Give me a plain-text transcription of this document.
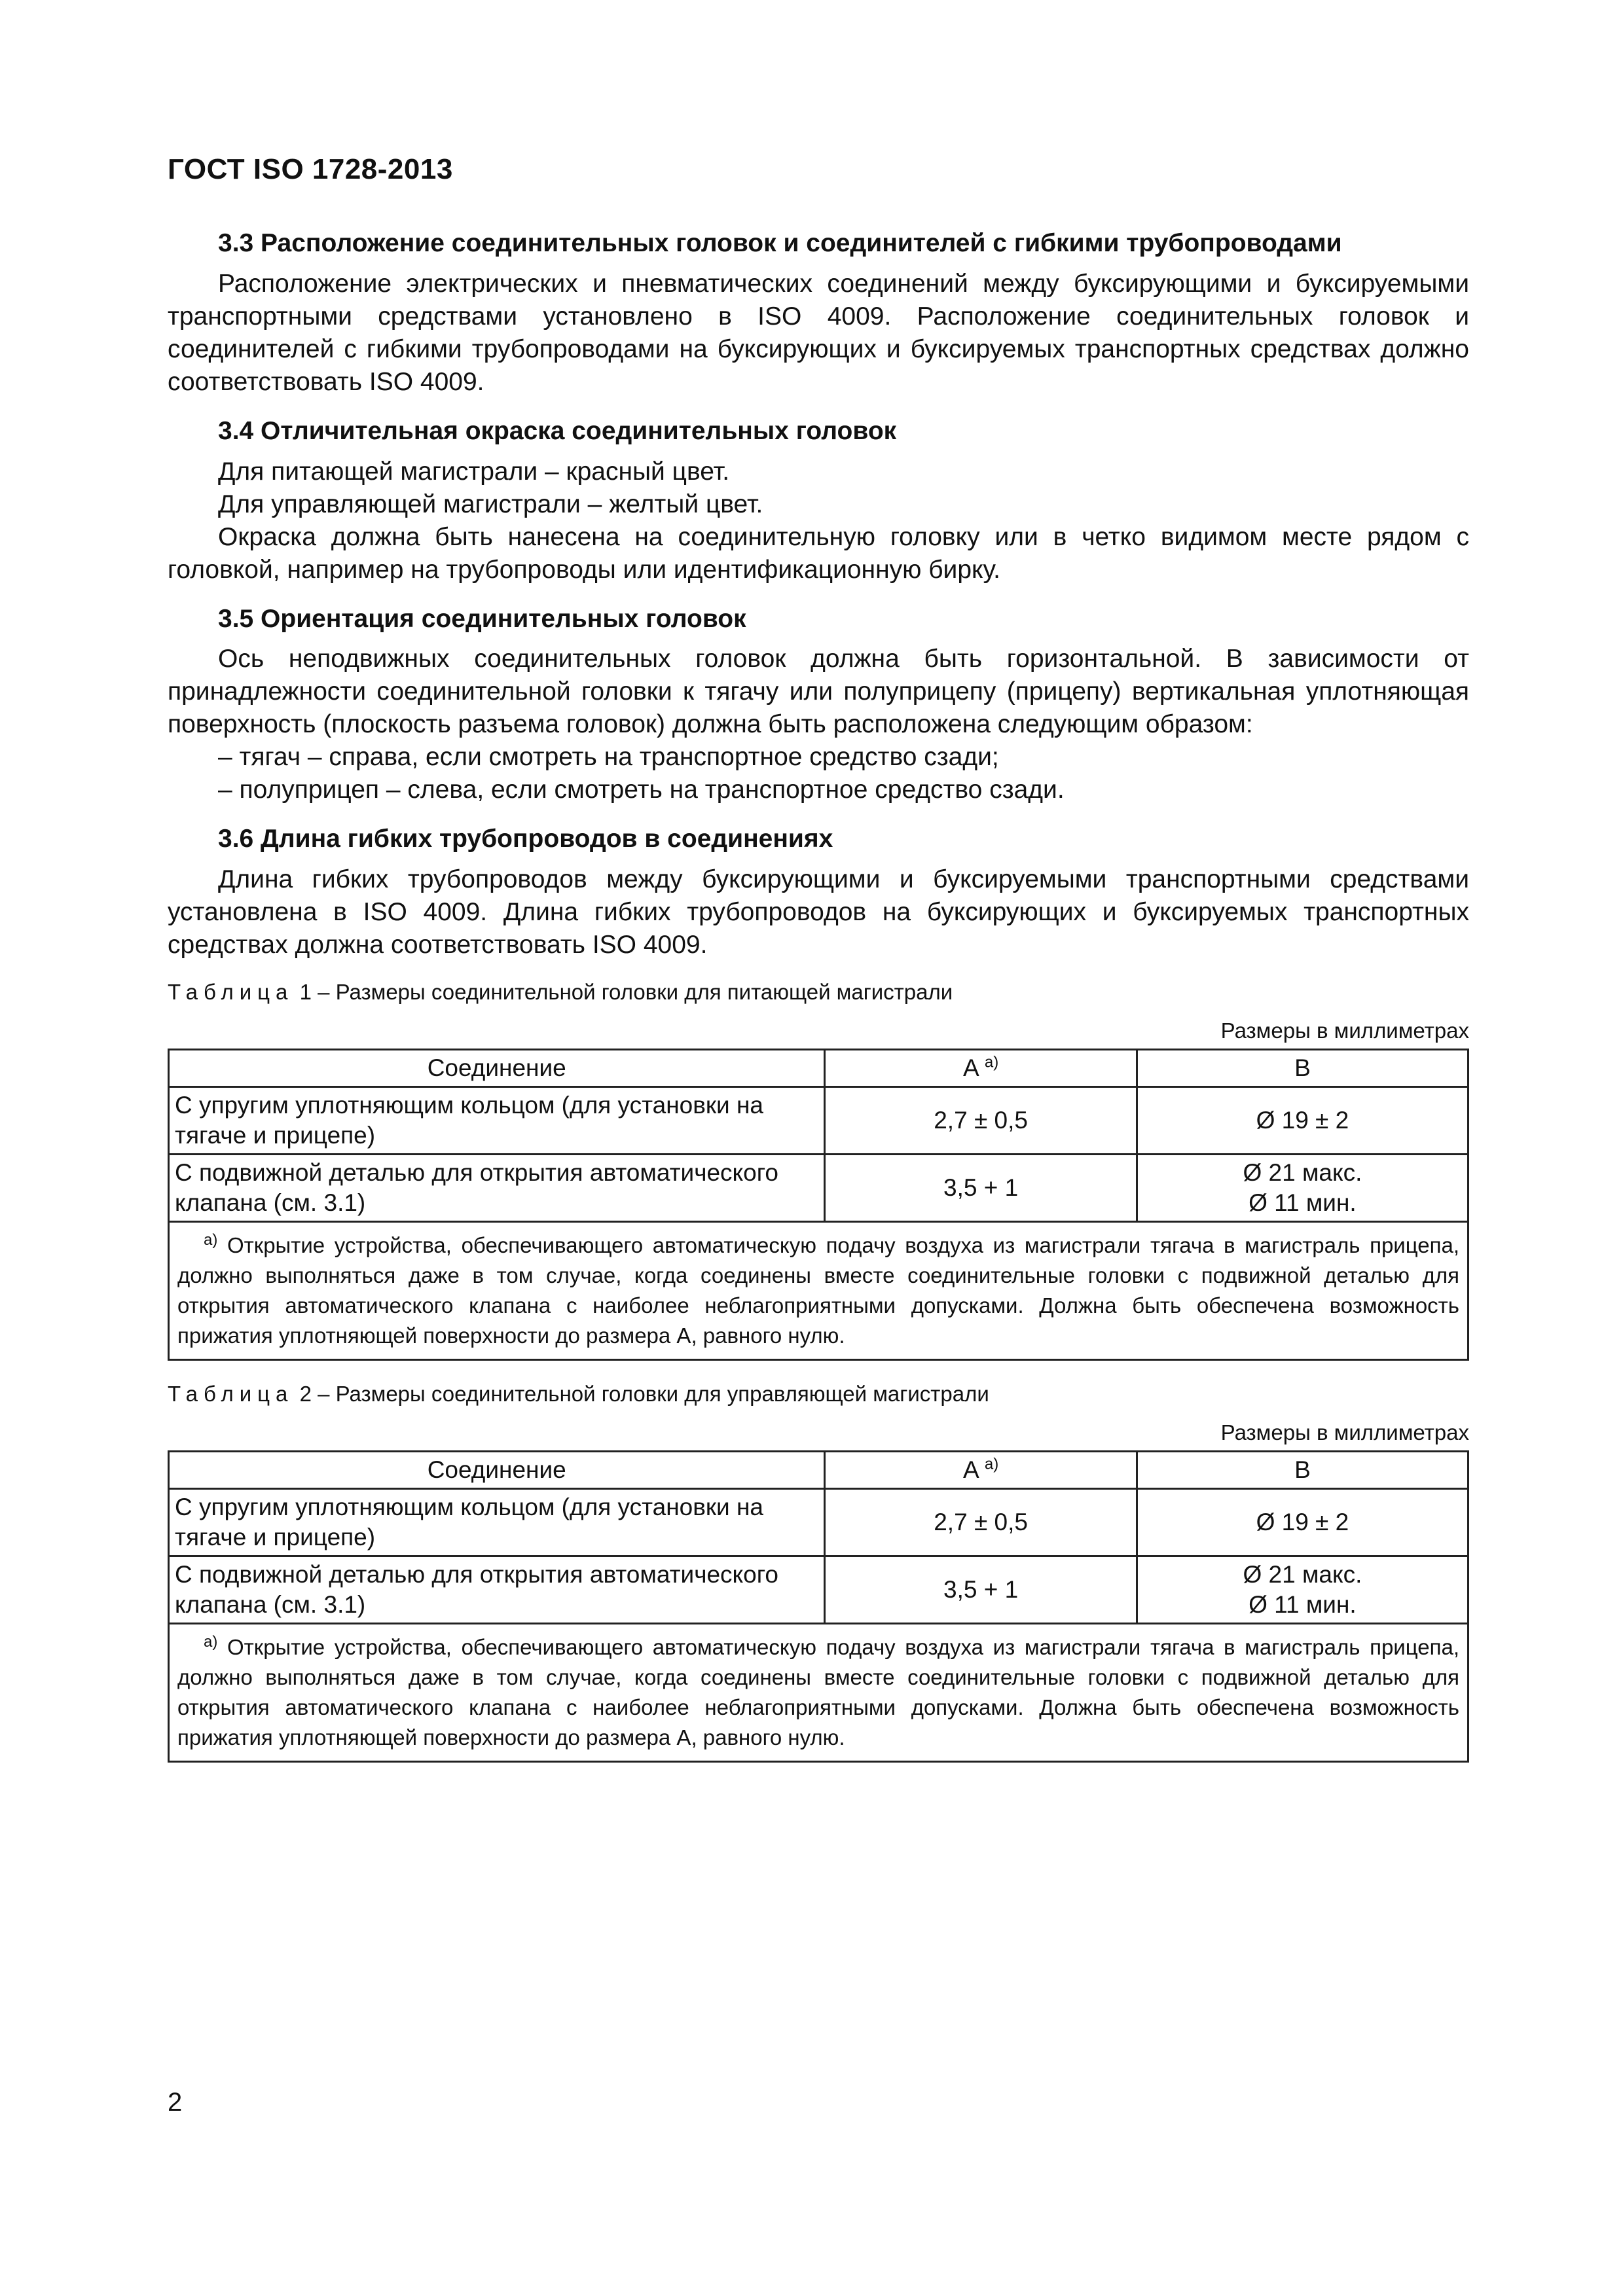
ГОСТ ISO 1728-2013
3.3 Расположение соединительных головок и соединителей с гибкими трубопроводами

Расположение электрических и пневматических соединений между буксирующими и буксируемыми транспортными средствами установлено в ISO 4009. Расположение соединительных головок и соединителей с гибкими трубопроводами на буксирующих и буксируемых транспортных средствах должно соответствовать ISO 4009.

3.4 Отличительная окраска соединительных головок

Для питающей магистрали – красный цвет.

Для управляющей магистрали – желтый цвет.

Окраска должна быть нанесена на соединительную головку или в четко видимом месте рядом с головкой, например на трубопроводы или идентификационную бирку.

3.5 Ориентация соединительных головок

Ось неподвижных соединительных головок должна быть горизонтальной. В зависимости от принадлежности соединительной головки к тягачу или полуприцепу (прицепу) вертикальная уплотняющая поверхность (плоскость разъема головок) должна быть расположена следующим образом:

– тягач – справа, если смотреть на транспортное средство сзади;

– полуприцеп – слева, если смотреть на транспортное средство сзади.

3.6 Длина гибких трубопроводов в соединениях

Длина гибких трубопроводов между буксирующими и буксируемыми транспортными средствами установлена в ISO 4009. Длина гибких трубопроводов на буксирующих и буксируемых транспортных средствах должна соответствовать ISO 4009.

Таблица 1 – Размеры соединительной головки для питающей магистрали
Размеры в миллиметрах
Соединение	A $^{а)}$	B
С упругим уплотняющим кольцом (для установки на тягаче и прицепе)	2,7 ± 0,5	Ø 19 ± 2
С подвижной деталью для открытия автоматического клапана (см. 3.1)	3,5 + 1	Ø 21 макс.
Ø 11 мин.

$^{а)}$ Открытие устройства, обеспечивающего автоматическую подачу воздуха из магистрали тягача в магистраль прицепа, должно выполняться даже в том случае, когда соединены вместе соединительные головки с подвижной деталью для открытия автоматического клапана с наиболее неблагоприятными допусками. Должна быть обеспечена возможность прижатия уплотняющей поверхности до размера А, равного нулю.		
Таблица 2 – Размеры соединительной головки для управляющей магистрали
Размеры в миллиметрах
Соединение	A $^{а)}$	B
С упругим уплотняющим кольцом (для установки на тягаче и прицепе)	2,7 ± 0,5	Ø 19 ± 2
С подвижной деталью для открытия автоматического клапана (см. 3.1)	3,5 + 1	Ø 21 макс.
Ø 11 мин.

$^{а)}$ Открытие устройства, обеспечивающего автоматическую подачу воздуха из магистрали тягача в магистраль прицепа, должно выполняться даже в том случае, когда соединены вместе соединительные головки с подвижной деталью для открытия автоматического клапана с наиболее неблагоприятными допусками. Должна быть обеспечена возможность прижатия уплотняющей поверхности до размера А, равного нулю.		
2
